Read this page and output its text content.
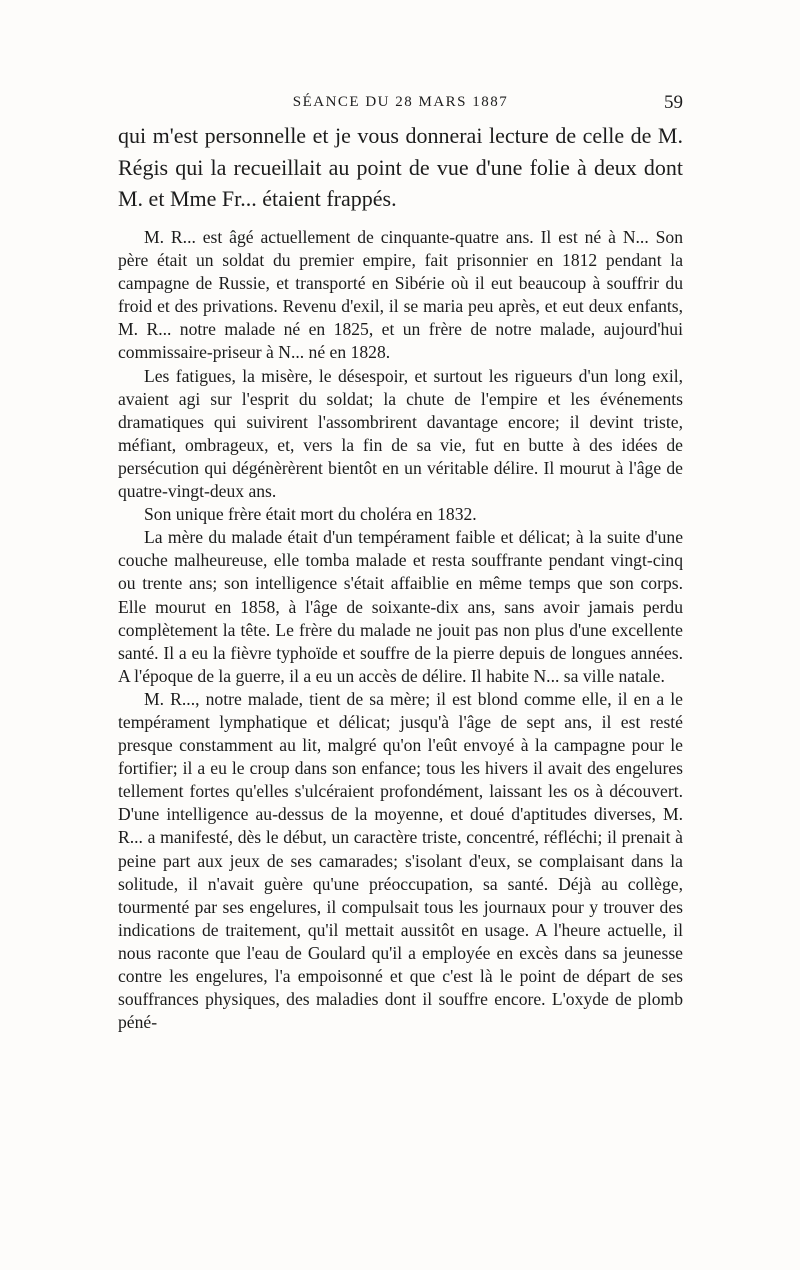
SÉANCE DU 28 MARS 1887	59

qui m'est personnelle et je vous donnerai lecture de celle de M. Régis qui la recueillait au point de vue d'une folie à deux dont M. et Mme Fr... étaient frappés.

M. R... est âgé actuellement de cinquante-quatre ans. Il est né à N... Son père était un soldat du premier empire, fait prisonnier en 1812 pendant la campagne de Russie, et transporté en Sibérie où il eut beaucoup à souffrir du froid et des privations. Revenu d'exil, il se maria peu après, et eut deux enfants, M. R... notre malade né en 1825, et un frère de notre malade, aujourd'hui commissaire-priseur à N... né en 1828.

Les fatigues, la misère, le désespoir, et surtout les rigueurs d'un long exil, avaient agi sur l'esprit du soldat; la chute de l'empire et les événements dramatiques qui suivirent l'assombrirent davantage encore; il devint triste, méfiant, ombrageux, et, vers la fin de sa vie, fut en butte à des idées de persécution qui dégénèrèrent bientôt en un véritable délire. Il mourut à l'âge de quatre-vingt-deux ans.

Son unique frère était mort du choléra en 1832.

La mère du malade était d'un tempérament faible et délicat; à la suite d'une couche malheureuse, elle tomba malade et resta souffrante pendant vingt-cinq ou trente ans; son intelligence s'était affaiblie en même temps que son corps. Elle mourut en 1858, à l'âge de soixante-dix ans, sans avoir jamais perdu complètement la tête. Le frère du malade ne jouit pas non plus d'une excellente santé. Il a eu la fièvre typhoïde et souffre de la pierre depuis de longues années. A l'époque de la guerre, il a eu un accès de délire. Il habite N... sa ville natale.

M. R..., notre malade, tient de sa mère; il est blond comme elle, il en a le tempérament lymphatique et délicat; jusqu'à l'âge de sept ans, il est resté presque constamment au lit, malgré qu'on l'eût envoyé à la campagne pour le fortifier; il a eu le croup dans son enfance; tous les hivers il avait des engelures tellement fortes qu'elles s'ulcéraient profondément, laissant les os à découvert. D'une intelligence au-dessus de la moyenne, et doué d'aptitudes diverses, M. R... a manifesté, dès le début, un caractère triste, concentré, réfléchi; il prenait à peine part aux jeux de ses camarades; s'isolant d'eux, se complaisant dans la solitude, il n'avait guère qu'une préoccupation, sa santé. Déjà au collège, tourmenté par ses engelures, il compulsait tous les journaux pour y trouver des indications de traitement, qu'il mettait aussitôt en usage. A l'heure actuelle, il nous raconte que l'eau de Goulard qu'il a employée en excès dans sa jeunesse contre les engelures, l'a empoisonné et que c'est là le point de départ de ses souffrances physiques, des maladies dont il souffre encore. L'oxyde de plomb péné-
